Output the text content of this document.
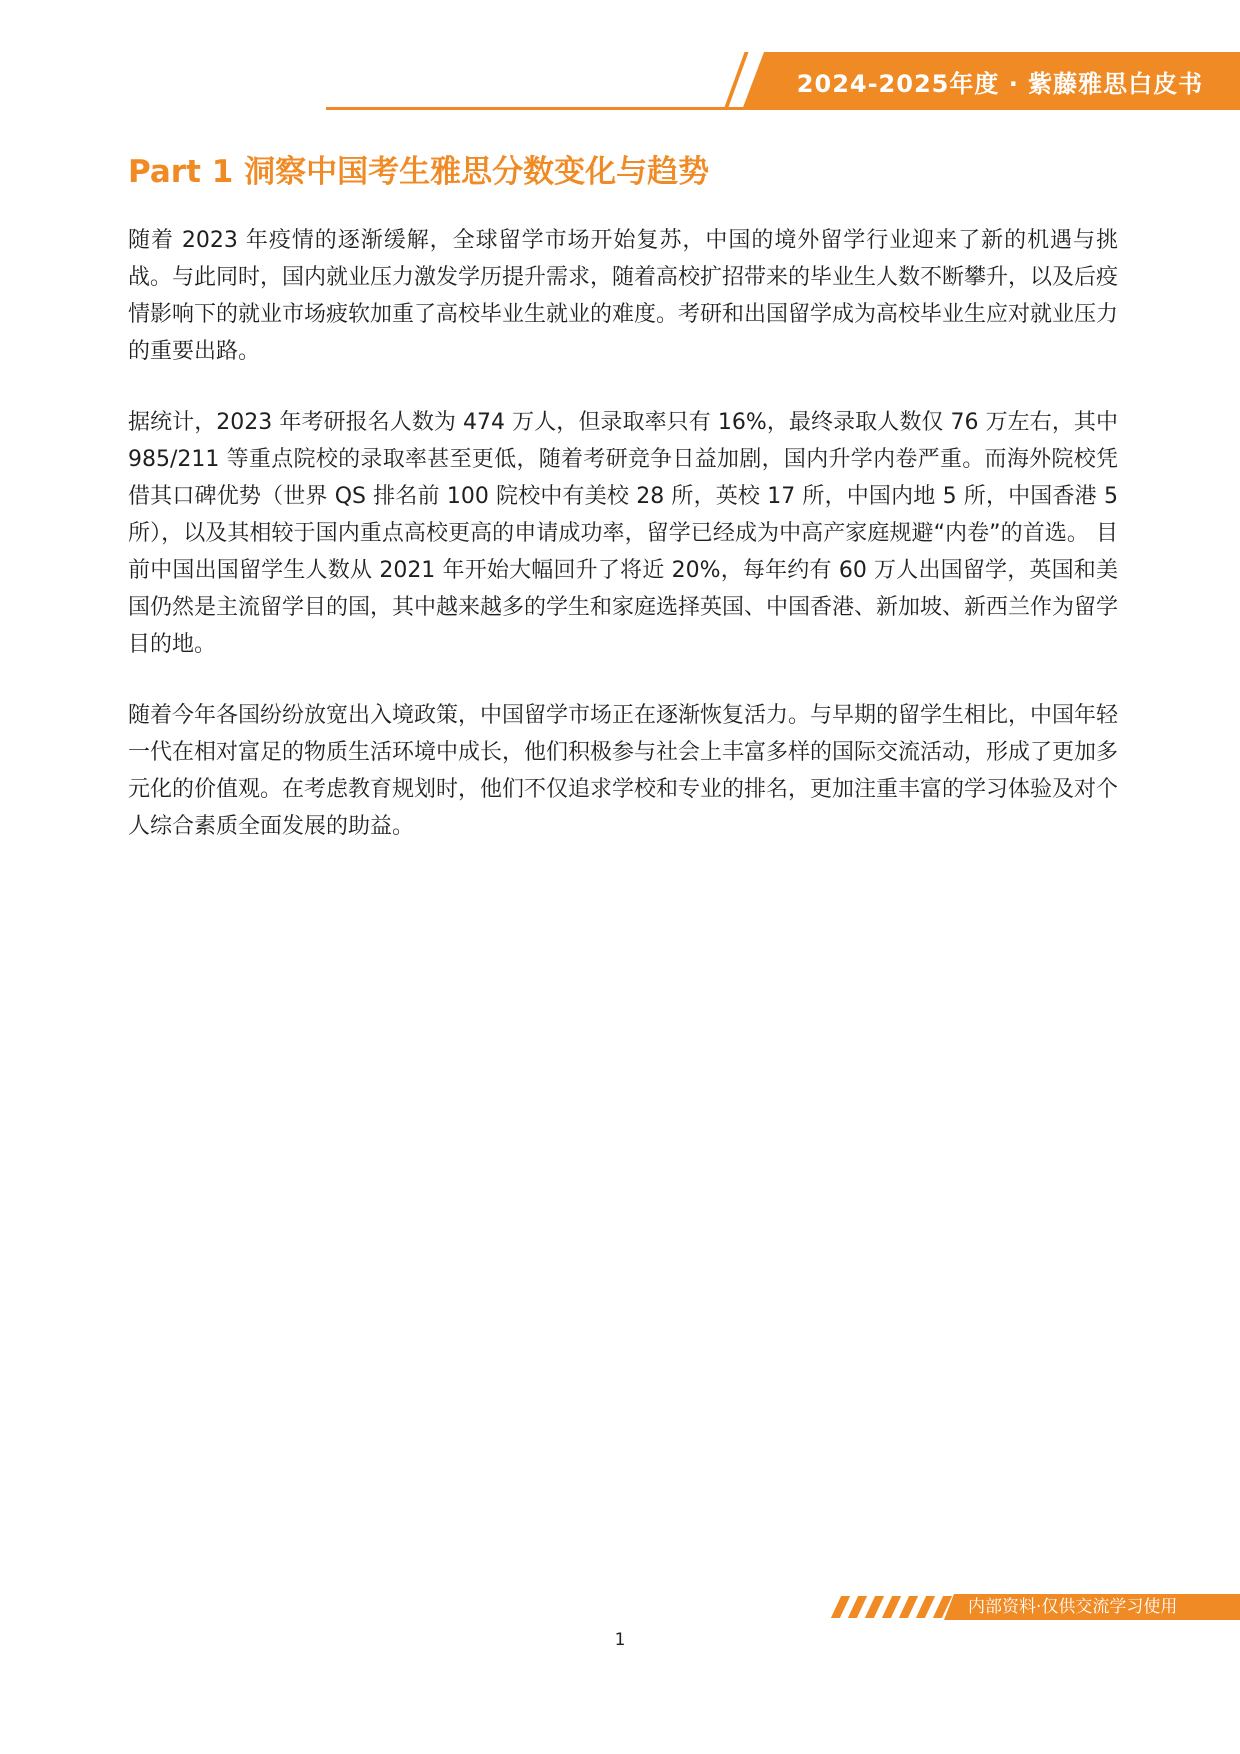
2024-2025年度 · 紫藤雅思白皮书
Part 1 洞察中国考生雅思分数变化与趋势

随着 2023 年疫情的逐渐缓解，全球留学市场开始复苏，中国的境外留学行业迎来了新的机遇与挑战。与此同时，国内就业压力激发学历提升需求，随着高校扩招带来的毕业生人数不断攀升，以及后疫情影响下的就业市场疲软加重了高校毕业生就业的难度。考研和出国留学成为高校毕业生应对就业压力的重要出路。

据统计，2023 年考研报名人数为 474 万人，但录取率只有 16%，最终录取人数仅 76 万左右，其中 985/211 等重点院校的录取率甚至更低，随着考研竞争日益加剧，国内升学内卷严重。而海外院校凭借其口碑优势（世界 QS 排名前 100 院校中有美校 28 所，英校 17 所，中国内地 5 所，中国香港 5 所），以及其相较于国内重点高校更高的申请成功率，留学已经成为中高产家庭规避“内卷”的首选。 目前中国出国留学生人数从 2021 年开始大幅回升了将近 20%，每年约有 60 万人出国留学，英国和美国仍然是主流留学目的国，其中越来越多的学生和家庭选择英国、中国香港、新加坡、新西兰作为留学目的地。

随着今年各国纷纷放宽出入境政策，中国留学市场正在逐渐恢复活力。与早期的留学生相比，中国年轻一代在相对富足的物质生活环境中成长，他们积极参与社会上丰富多样的国际交流活动，形成了更加多元化的价值观。在考虑教育规划时，他们不仅追求学校和专业的排名，更加注重丰富的学习体验及对个人综合素质全面发展的助益。

内部资料·仅供交流学习使用
1
